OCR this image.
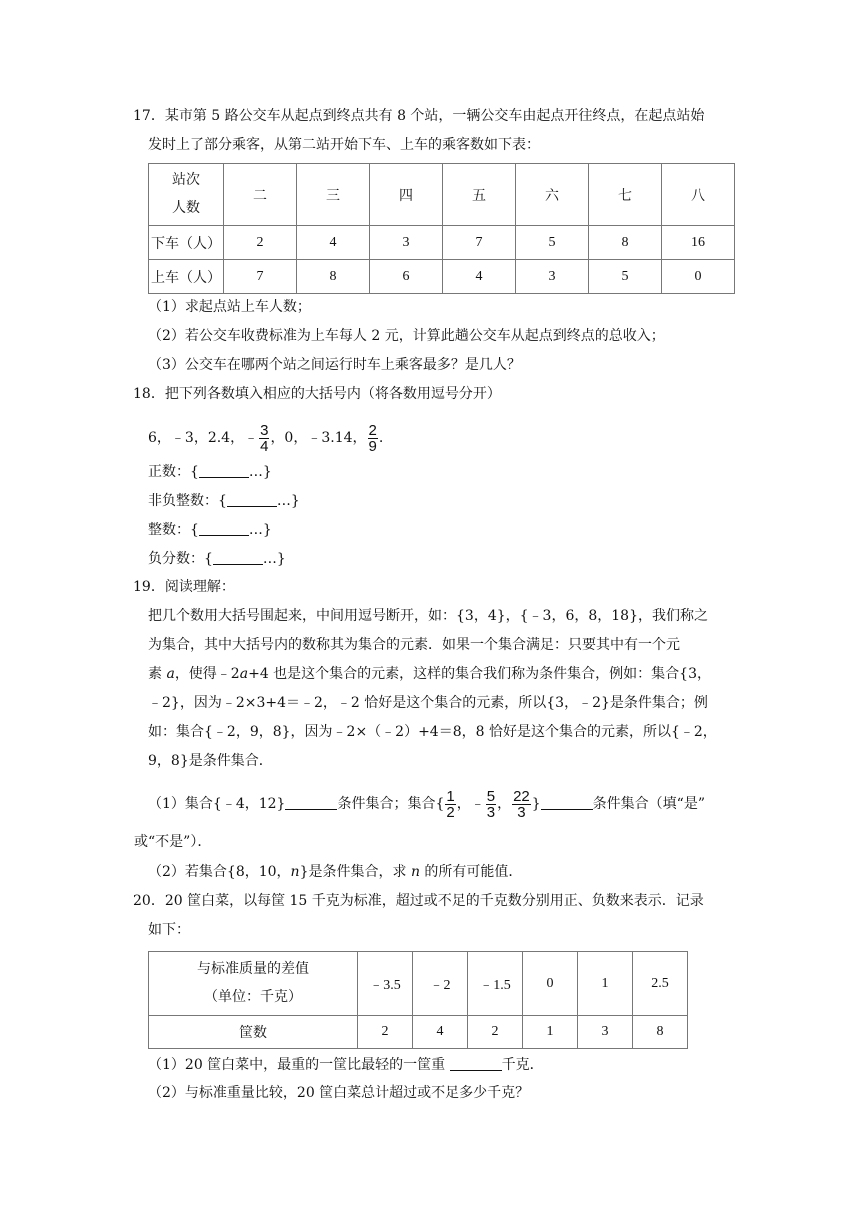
17．某市第 5 路公交车从起点到终点共有 8 个站，一辆公交车由起点开往终点，在起点站始
发时上了部分乘客，从第二站开始下车、上车的乘客数如下表：
站次
人数	二	三	四	五	六	七	八
下车（人）	2	4	3	7	5	8	16
上车（人）	7	8	6	4	3	5	0
（1）求起点站上车人数；
（2）若公交车收费标准为上车每人 2 元，计算此趟公交车从起点到终点的总收入；
（3）公交车在哪两个站之间运行时车上乘客最多？是几人？
18．把下列各数填入相应的大括号内（将各数用逗号分开）
6，﹣3，2.4，﹣ $\frac{3}{4}$ ，0，﹣3.14， $\frac{2}{9}$ .
正数：{	…}
非负整数：{	…}
整数：{	…}
负分数：{	…}
19．阅读理解：
把几个数用大括号围起来，中间用逗号断开，如：{3，4}，{﹣3，6，8，18}，我们称之
为集合，其中大括号内的数称其为集合的元素．如果一个集合满足：只要其中有一个元
素 a，使得﹣2a+4 也是这个集合的元素，这样的集合我们称为条件集合，例如：集合{3，
﹣2}，因为﹣2×3+4＝﹣2，﹣2 恰好是这个集合的元素，所以{3，﹣2}是条件集合；例
如：集合{﹣2，9，8}，因为﹣2×（﹣2）+4＝8，8 恰好是这个集合的元素，所以{﹣2，
9，8}是条件集合．
（1）集合{﹣4，12}	条件集合；集合{ $\frac{1}{2}$ ，﹣ $\frac{5}{3}$ ， $\frac{22}{3}$ }	条件集合（填“是”
或“不是”）．
（2）若集合{8，10，n}是条件集合，求 n 的所有可能值．
20．20 筐白菜，以每筐 15 千克为标准，超过或不足的千克数分别用正、负数来表示．记录
如下：
与标准质量的差值
（单位：千克）	﹣3.5	﹣2	﹣1.5	0	1	2.5
筐数	2	4	2	1	3	8
（1）20 筐白菜中，最重的一筐比最轻的一筐重	千克．
（2）与标准重量比较，20 筐白菜总计超过或不足多少千克？
